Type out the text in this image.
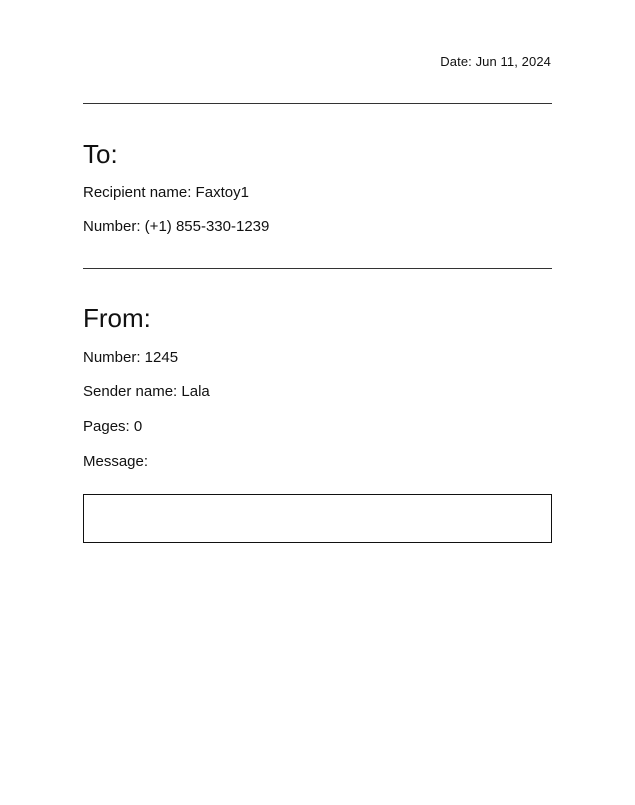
Date: Jun 11, 2024
To:
Recipient name: Faxtoy1
Number: (+1) 855-330-1239
From:
Number: 1245
Sender name: Lala
Pages: 0
Message:
